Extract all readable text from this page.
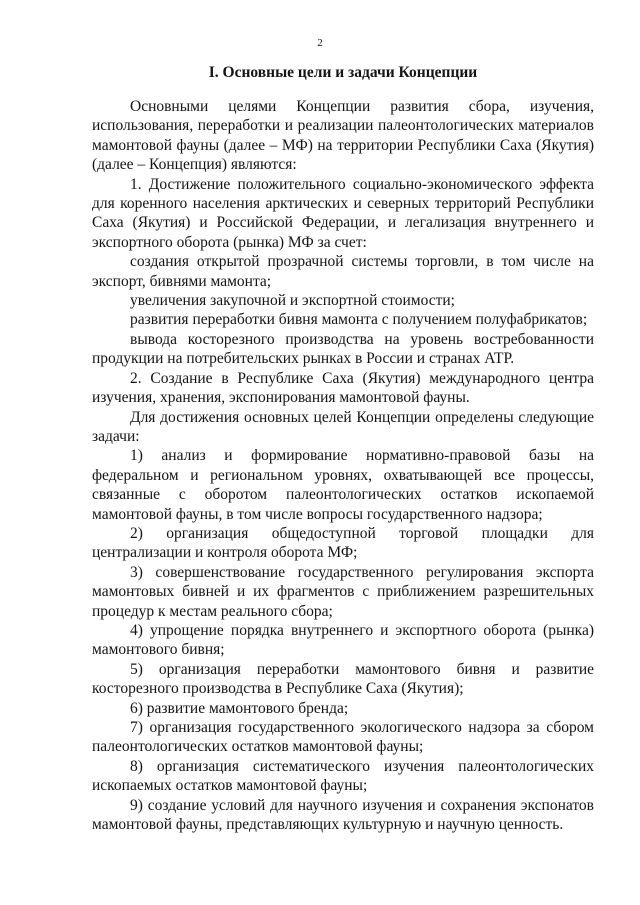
2
I. Основные цели и задачи Концепции

Основными целями Концепции развития сбора, изучения, использования, переработки и реализации палеонтологических материалов мамонтовой фауны (далее – МФ) на территории Республики Саха (Якутия) (далее – Концепция) являются:

1. Достижение положительного социально-экономического эффекта для коренного населения арктических и северных территорий Республики Саха (Якутия) и Российской Федерации, и легализация внутреннего и экспортного оборота (рынка) МФ за счет:

создания открытой прозрачной системы торговли, в том числе на экспорт, бивнями мамонта;

увеличения закупочной и экспортной стоимости;

развития переработки бивня мамонта с получением полуфабрикатов;

вывода косторезного производства на уровень востребованности продукции на потребительских рынках в России и странах АТР.

2. Создание в Республике Саха (Якутия) международного центра изучения, хранения, экспонирования мамонтовой фауны.

Для достижения основных целей Концепции определены следующие задачи:

1) анализ и формирование нормативно-правовой базы на федеральном и региональном уровнях, охватывающей все процессы, связанные с оборотом палеонтологических остатков ископаемой мамонтовой фауны, в том числе вопросы государственного надзора;

2) организация общедоступной торговой площадки для централизации и контроля оборота МФ;

3) совершенствование государственного регулирования экспорта мамонтовых бивней и их фрагментов с приближением разрешительных процедур к местам реального сбора;

4) упрощение порядка внутреннего и экспортного оборота (рынка) мамонтового бивня;

5) организация переработки мамонтового бивня и развитие косторезного производства в Республике Саха (Якутия);

6) развитие мамонтового бренда;

7) организация государственного экологического надзора за сбором палеонтологических остатков мамонтовой фауны;

8) организация систематического изучения палеонтологических ископаемых остатков мамонтовой фауны;

9) создание условий для научного изучения и сохранения экспонатов мамонтовой фауны, представляющих культурную и научную ценность.
